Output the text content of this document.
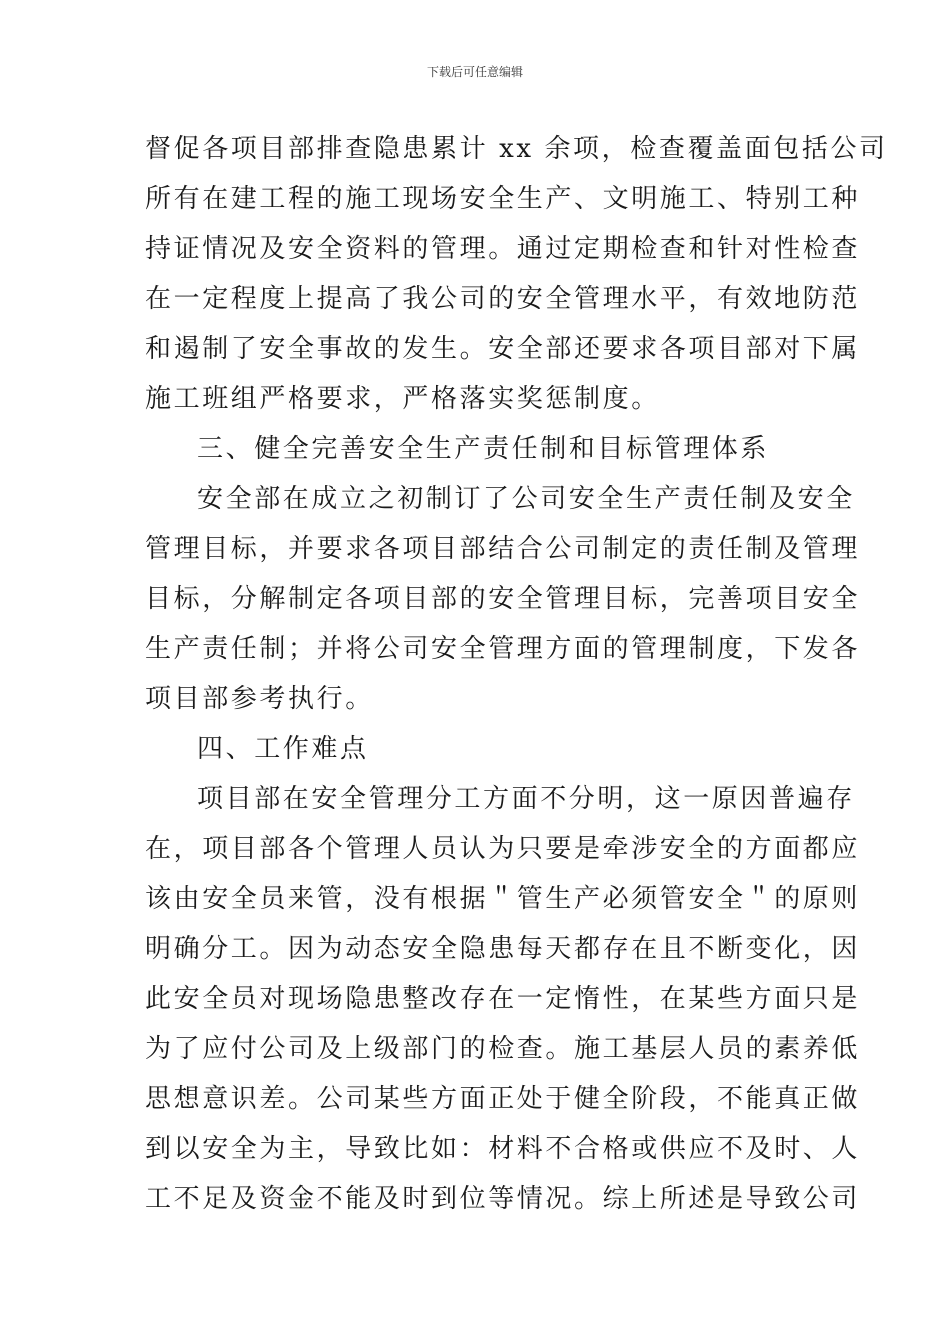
下载后可任意编辑
督促各项目部排查隐患累计 xx 余项，检查覆盖面包括公司
所有在建工程的施工现场安全生产、文明施工、特别工种
持证情况及安全资料的管理。通过定期检查和针对性检查
在一定程度上提高了我公司的安全管理水平，有效地防范
和遏制了安全事故的发生。安全部还要求各项目部对下属
施工班组严格要求，严格落实奖惩制度。
三、健全完善安全生产责任制和目标管理体系
安全部在成立之初制订了公司安全生产责任制及安全
管理目标，并要求各项目部结合公司制定的责任制及管理
目标，分解制定各项目部的安全管理目标，完善项目安全
生产责任制；并将公司安全管理方面的管理制度，下发各
项目部参考执行。
四、工作难点
项目部在安全管理分工方面不分明，这一原因普遍存
在，项目部各个管理人员认为只要是牵涉安全的方面都应
该由安全员来管，没有根据＂管生产必须管安全＂的原则
明确分工。因为动态安全隐患每天都存在且不断变化，因
此安全员对现场隐患整改存在一定惰性，在某些方面只是
为了应付公司及上级部门的检查。施工基层人员的素养低
思想意识差。公司某些方面正处于健全阶段，不能真正做
到以安全为主，导致比如：材料不合格或供应不及时、人
工不足及资金不能及时到位等情况。综上所述是导致公司
